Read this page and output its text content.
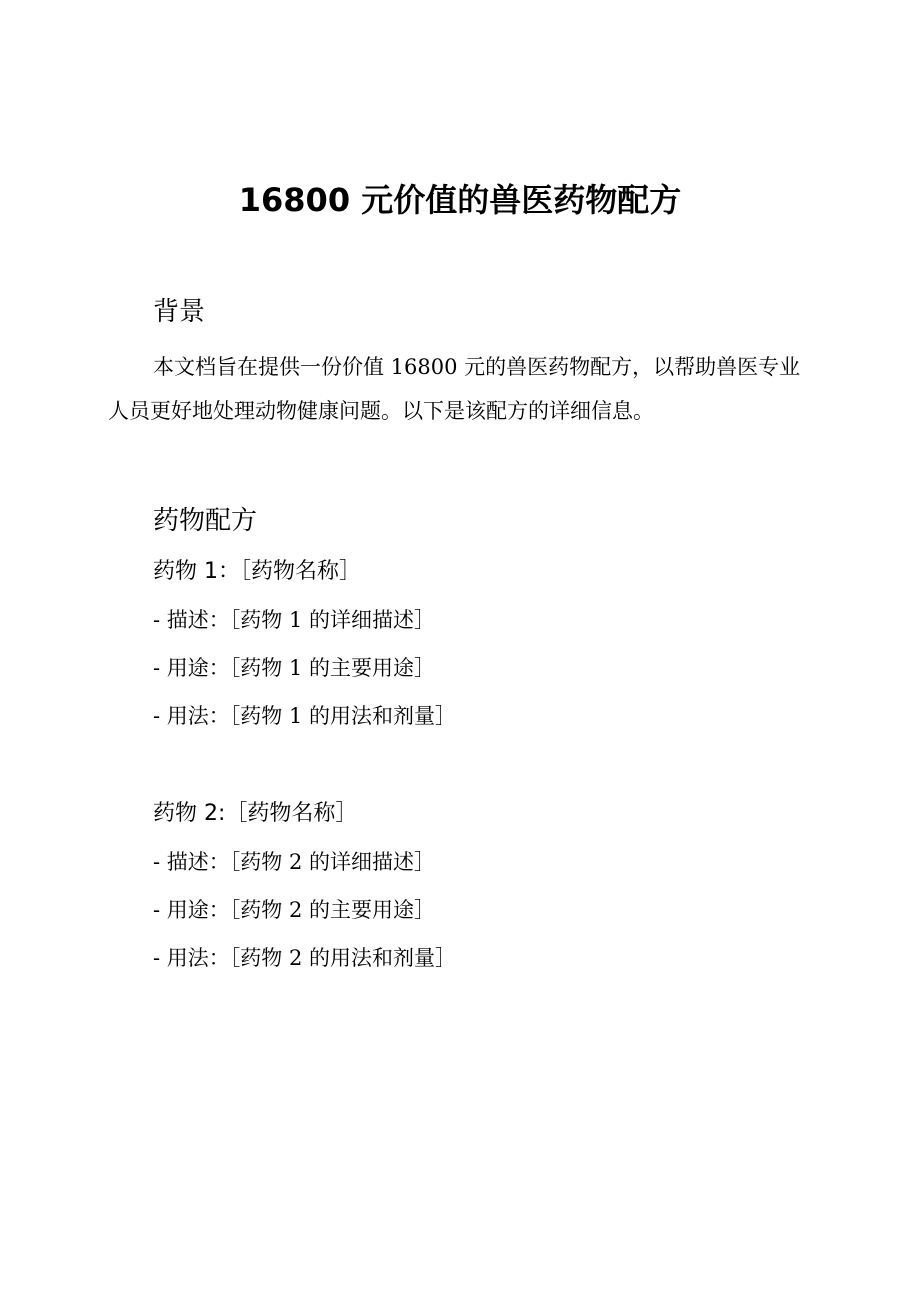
16800 元价值的兽医药物配方
背景

本文档旨在提供一份价值 16800 元的兽医药物配方，以帮助兽医专业人员更好地处理动物健康问题。以下是该配方的详细信息。

药物配方
药物 1：［药物名称］
- 描述：［药物 1 的详细描述］
- 用途：［药物 1 的主要用途］
- 用法：［药物 1 的用法和剂量］
药物 2:［药物名称］
- 描述：［药物 2 的详细描述］
- 用途：［药物 2 的主要用途］
- 用法：［药物 2 的用法和剂量］
